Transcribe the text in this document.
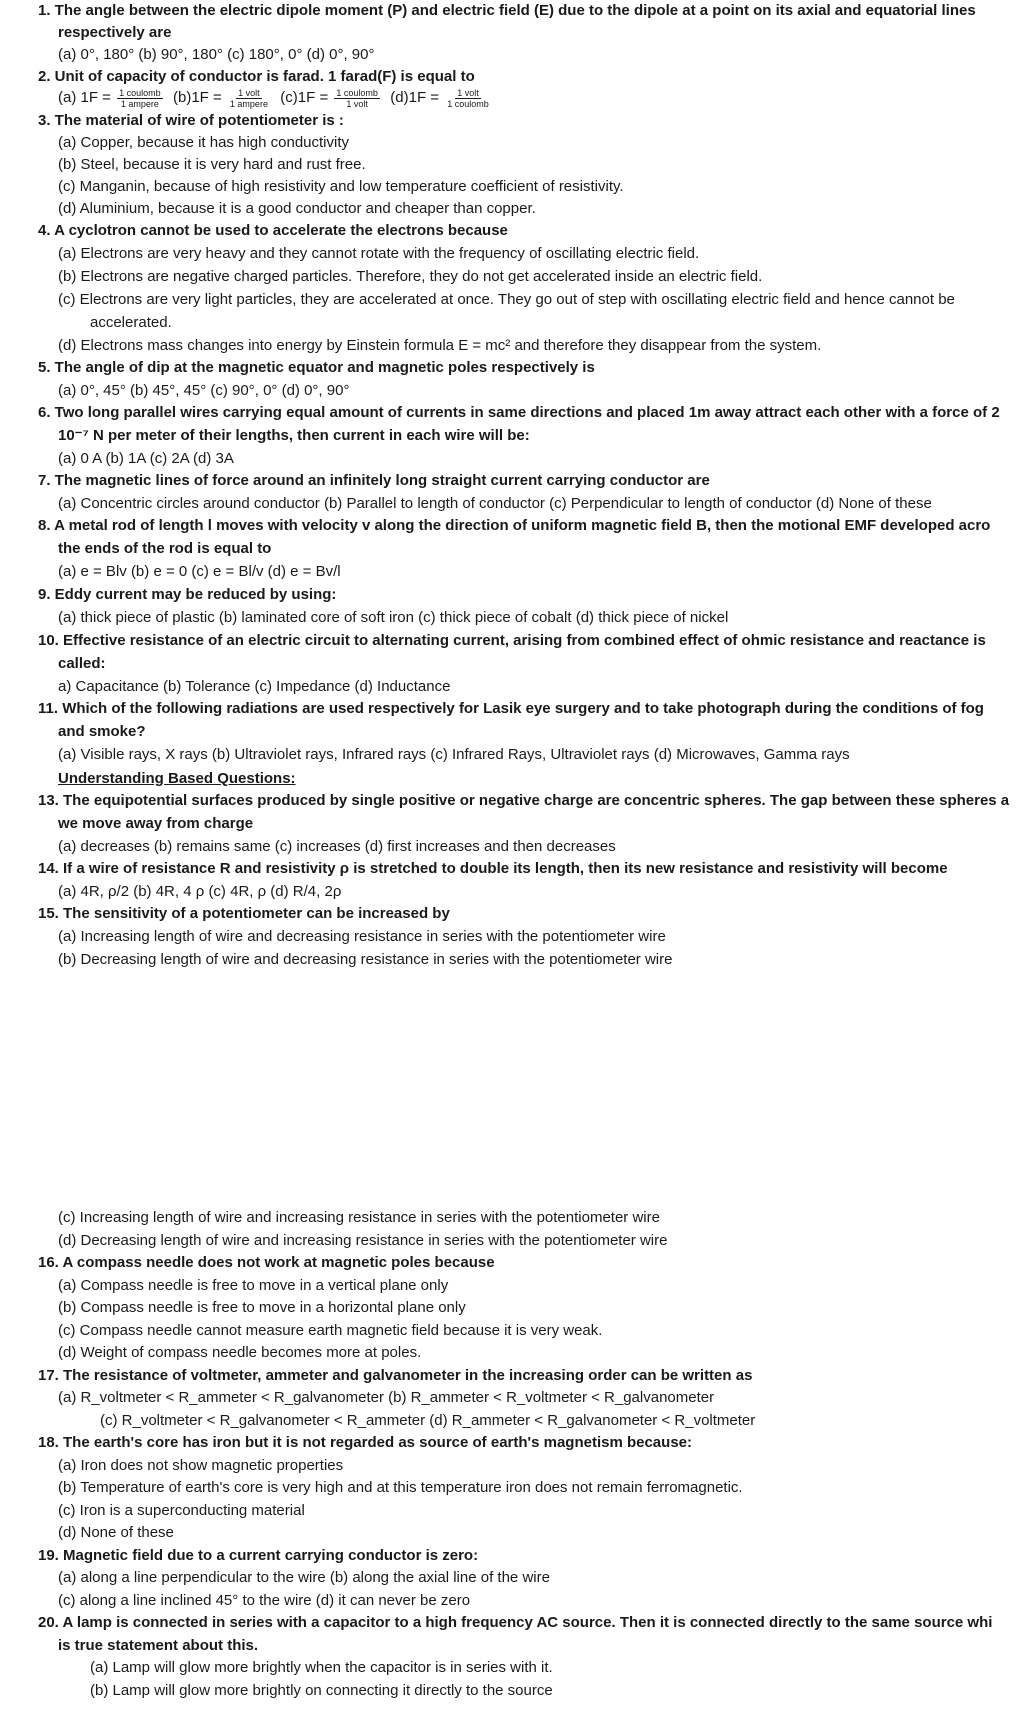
1. The angle between the electric dipole moment (P) and electric field (E) due to the dipole at a point on its axial and equatorial lines
respectively are
(a) 0°, 180° (b) 90°, 180° (c) 180°, 0° (d) 0°, 90°
2. Unit of capacity of conductor is farad. 1 farad(F) is equal to
3. The material of wire of potentiometer is :
(a) Copper, because it has high conductivity
(b) Steel, because it is very hard and rust free.
(c) Manganin, because of high resistivity and low temperature coefficient of resistivity.
(d) Aluminium, because it is a good conductor and cheaper than copper.
4. A cyclotron cannot be used to accelerate the electrons because
(a) Electrons are very heavy and they cannot rotate with the frequency of oscillating electric field.
(b) Electrons are negative charged particles. Therefore, they do not get accelerated inside an electric field.
(c) Electrons are very light particles, they are accelerated at once. They go out of step with oscillating electric field and hence cannot be
accelerated.
(d) Electrons mass changes into energy by Einstein formula E = mc² and therefore they disappear from the system.
5. The angle of dip at the magnetic equator and magnetic poles respectively is
(a) 0°, 45° (b) 45°, 45° (c) 90°, 0° (d) 0°, 90°
6. Two long parallel wires carrying equal amount of currents in same directions and placed 1m away attract each other with a force of 2
10⁻⁷ N per meter of their lengths, then current in each wire will be:
(a) 0 A (b) 1A (c) 2A (d) 3A
7. The magnetic lines of force around an infinitely long straight current carrying conductor are
(a) Concentric circles around conductor (b) Parallel to length of conductor (c) Perpendicular to length of conductor (d) None of these
8. A metal rod of length l moves with velocity v along the direction of uniform magnetic field B, then the motional EMF developed acro
the ends of the rod is equal to
(a) e = Blv (b) e = 0 (c) e = Bl/v (d) e = Bv/l
9. Eddy current may be reduced by using:
(a) thick piece of plastic (b) laminated core of soft iron (c) thick piece of cobalt (d) thick piece of nickel
10. Effective resistance of an electric circuit to alternating current, arising from combined effect of ohmic resistance and reactance is
called:
a) Capacitance (b) Tolerance (c) Impedance (d) Inductance
11. Which of the following radiations are used respectively for Lasik eye surgery and to take photograph during the conditions of fog
and smoke?
(a) Visible rays, X rays (b) Ultraviolet rays, Infrared rays (c) Infrared Rays, Ultraviolet rays (d) Microwaves, Gamma rays
Understanding Based Questions:
13. The equipotential surfaces produced by single positive or negative charge are concentric spheres. The gap between these spheres a
we move away from charge
(a) decreases (b) remains same (c) increases (d) first increases and then decreases
14. If a wire of resistance R and resistivity ρ is stretched to double its length, then its new resistance and resistivity will become
(a) 4R, ρ/2 (b) 4R, 4 ρ (c) 4R, ρ (d) R/4, 2ρ
15. The sensitivity of a potentiometer can be increased by
(a) Increasing length of wire and decreasing resistance in series with the potentiometer wire
(b) Decreasing length of wire and decreasing resistance in series with the potentiometer wire
(a) $1F = \frac{\text{1 coulomb}}{\text{1 ampere}} (b)1F = \frac{\text{1 volt}}{\text{1 ampere}} (c)1F = \frac{\text{1 coulomb}}{\text{1 volt}} (d)1F = \frac{\text{1 volt}}{\text{1 coulomb}}$
(c) Increasing length of wire and increasing resistance in series with the potentiometer wire
(d) Decreasing length of wire and increasing resistance in series with the potentiometer wire
16. A compass needle does not work at magnetic poles because
(a) Compass needle is free to move in a vertical plane only
(b) Compass needle is free to move in a horizontal plane only
(c) Compass needle cannot measure earth magnetic field because it is very weak.
(d) Weight of compass needle becomes more at poles.
17. The resistance of voltmeter, ammeter and galvanometer in the increasing order can be written as
(a) R_voltmeter < R_ammeter < R_galvanometer (b) R_ammeter < R_voltmeter < R_galvanometer
(c) R_voltmeter < R_galvanometer < R_ammeter (d) R_ammeter < R_galvanometer < R_voltmeter
18. The earth's core has iron but it is not regarded as source of earth's magnetism because:
(a) Iron does not show magnetic properties
(b) Temperature of earth's core is very high and at this temperature iron does not remain ferromagnetic.
(c) Iron is a superconducting material
(d) None of these
19. Magnetic field due to a current carrying conductor is zero:
(a) along a line perpendicular to the wire (b) along the axial line of the wire
(c) along a line inclined 45° to the wire (d) it can never be zero
20. A lamp is connected in series with a capacitor to a high frequency AC source. Then it is connected directly to the same source whi
is true statement about this.
(a) Lamp will glow more brightly when the capacitor is in series with it.
(b) Lamp will glow more brightly on connecting it directly to the source
